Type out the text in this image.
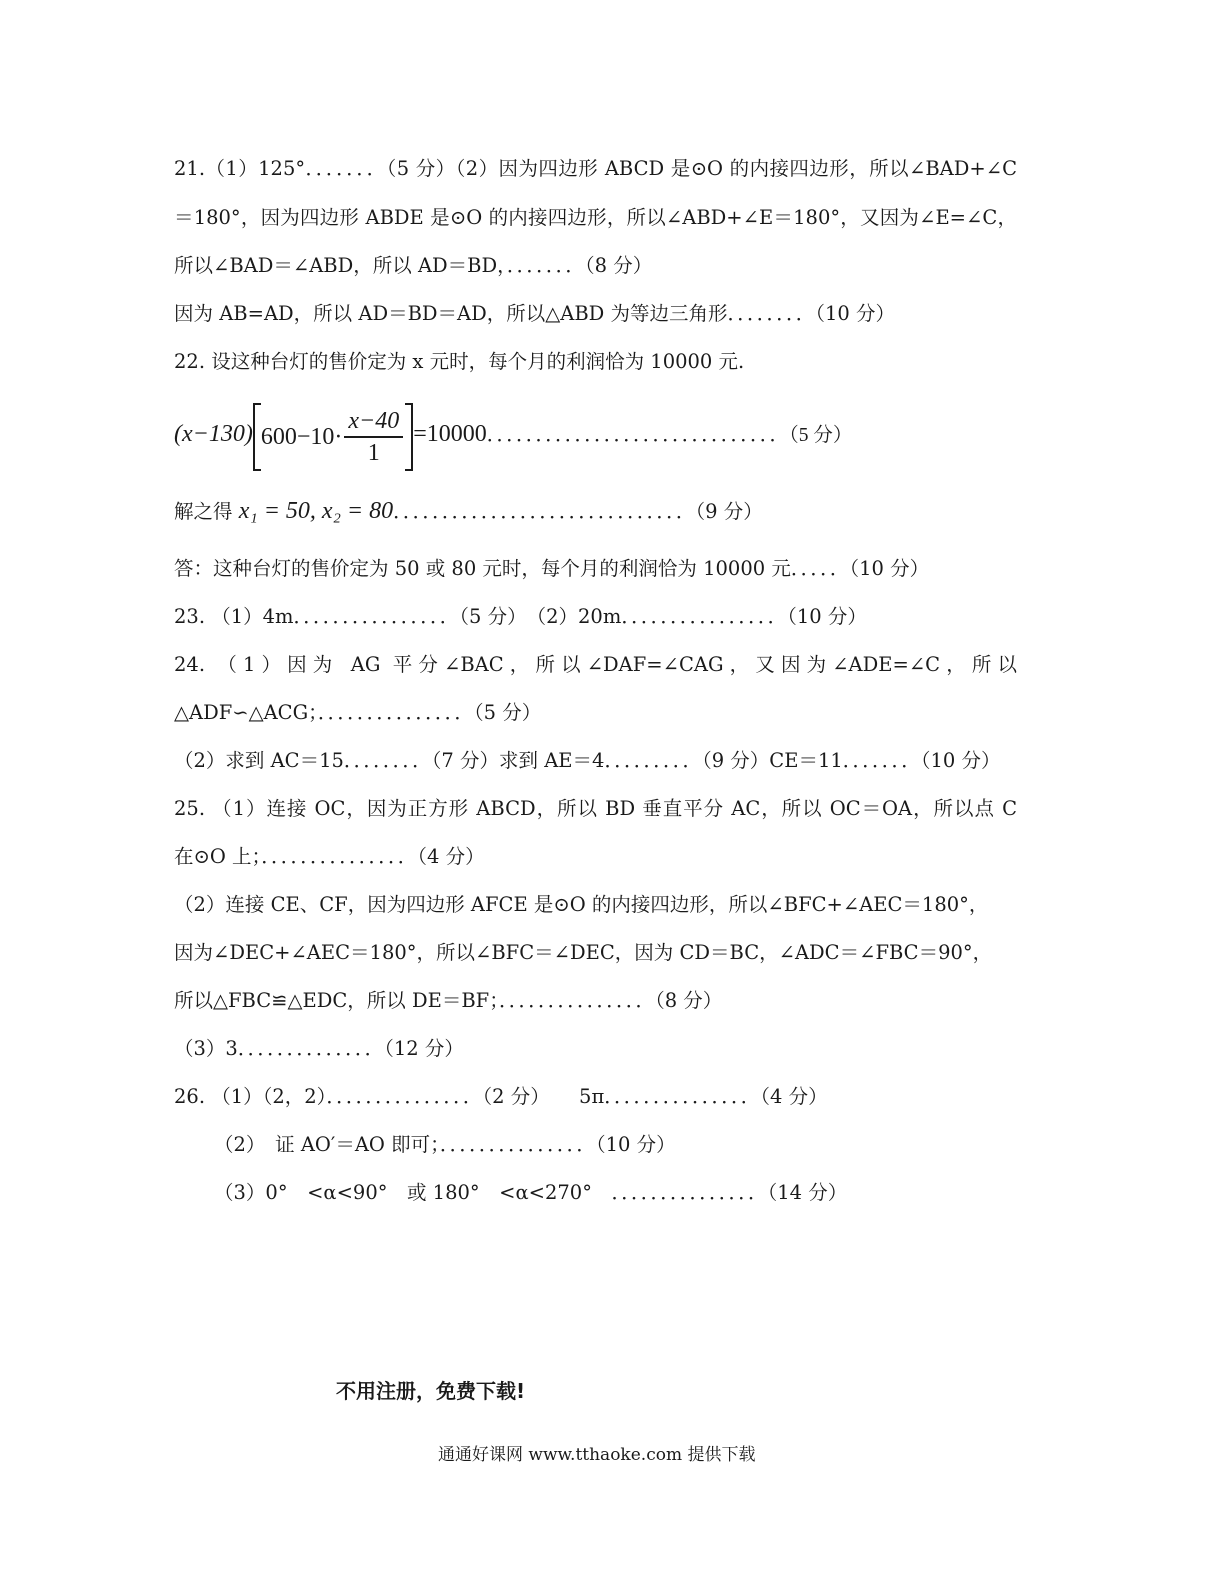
21.（1）125°．．．．．．．（5 分）（2）因为四边形 ABCD 是⊙O 的内接四边形，所以∠BAD+∠C
＝180°，因为四边形 ABDE 是⊙O 的内接四边形，所以∠ABD+∠E＝180°，又因为∠E=∠C，
所以∠BAD＝∠ABD，所以 AD＝BD，．．．．．．．（8 分）
因为 AB=AD，所以 AD＝BD＝AD，所以△ABD 为等边三角形．．．．．．．．（10 分）
22. 设这种台灯的售价定为 x 元时，每个月的利润恰为 10000 元.
(x−130) $600-10\cdot \frac{x-40}{1} =10000$．．．．．．．．．．．．．．．．．．．．．．．．．．．．．．（5 分）
解之得 x₁ = 50, x₂ = 80．．．．．．．．．．．．．．．．．．．．．．．．．．．．．．（9 分）
答：这种台灯的售价定为 50 或 80 元时，每个月的利润恰为 10000 元．．．．．（10 分）
23. （1）4m．．．．．．．．．．．．．．．．（5 分）　（2）20m．．．．．．．．．．．．．．．．（10 分）
24. （1）因为 AG 平分∠BAC，所以∠DAF=∠CAG，又因为∠ADE=∠C，所以
△ADF∽△ACG；．．．．．．．．．．．．．．．（5 分）
（2）求到 AC＝15．．．．．．．．（7 分）求到 AE＝4．．．．．．．．．（9 分）CE＝11．．．．．．．（10 分）
25. （1）连接 OC，因为正方形 ABCD，所以 BD 垂直平分 AC，所以 OC＝OA，所以点 C
在⊙O 上；．．．．．．．．．．．．．．．（4 分）
（2）连接 CE、CF，因为四边形 AFCE 是⊙O 的内接四边形，所以∠BFC+∠AEC＝180°，
因为∠DEC+∠AEC＝180°，所以∠BFC＝∠DEC，因为 CD＝BC，∠ADC＝∠FBC＝90°，
所以△FBC≌△EDC，所以 DE＝BF；．．．．．．．．．．．．．．．（8 分）
（3）3．．．．．．．．．．．．．．（12 分）
26. （1）（2，2）．．．．．．．．．．．．．．．（2 分）　　5π．．．．．．．．．．．．．．．（4 分）
（2）　证 AO′＝AO 即可；．．．．．．．．．．．．．．．（10 分）
（3）0°　<α<90°　或 180°　<α<270°　．．．．．．．．．．．．．．．（14 分）
不用注册，免费下载!
通通好课网 www.tthaoke.com 提供下载
